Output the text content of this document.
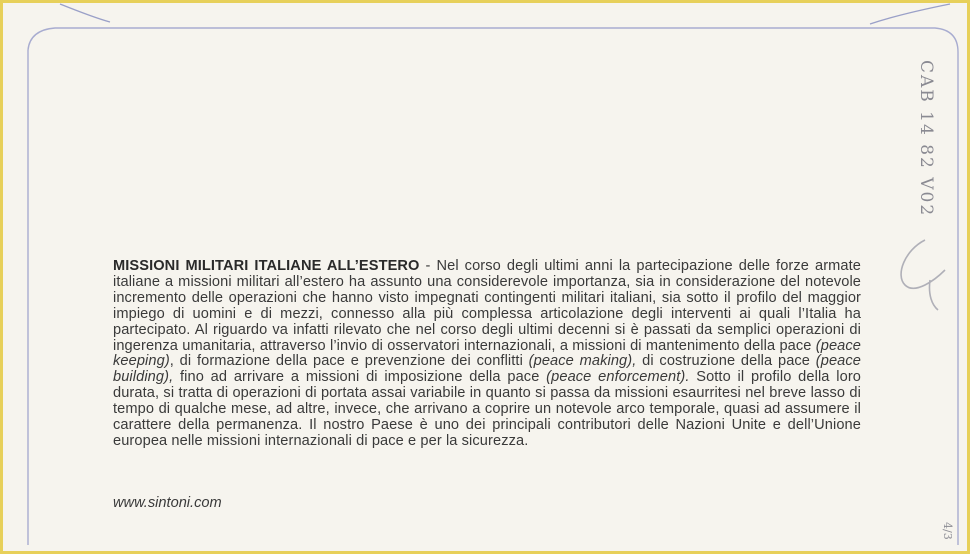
MISSIONI MILITARI ITALIANE ALL’ESTERO - Nel corso degli ultimi anni la partecipazione delle forze armate italiane a missioni militari all’estero ha assunto una considerevole importanza, sia in considerazione del notevole incremento delle operazioni che hanno visto impegnati contingenti militari italiani, sia sotto il profilo del maggior impiego di uomini e di mezzi, connesso alla più complessa articolazione degli interventi ai quali l’Italia ha partecipato. Al riguardo va infatti rilevato che nel corso degli ultimi decenni si è passati da semplici operazioni di ingerenza umanitaria, attraverso l’invio di osservatori internazionali, a missioni di mantenimento della pace (peace keeping), di formazione della pace e prevenzione dei conflitti (peace making), di costruzione della pace (peace building), fino ad arrivare a missioni di imposizione della pace (peace enforcement). Sotto il profilo della loro durata, si tratta di operazioni di portata assai variabile in quanto si passa da missioni esaurritesi nel breve lasso di tempo di qualche mese, ad altre, invece, che arrivano a coprire un notevole arco temporale, quasi ad assumere il carattere della permanenza. Il nostro Paese è uno dei principali contributori delle Nazioni Unite e dell’Unione europea nelle missioni internazionali di pace e per la sicurezza.
www.sintoni.com
CAB 14 82 V02
4/3
